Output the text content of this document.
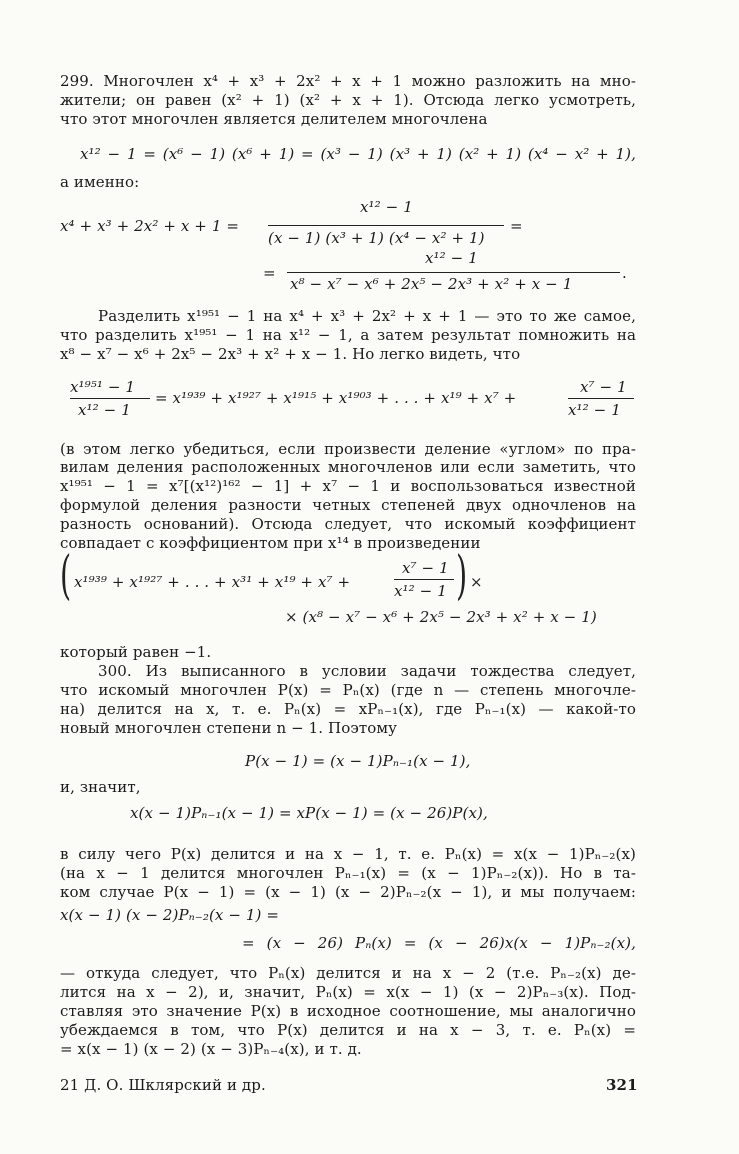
299. Многочлен x⁴ + x³ + 2x² + x + 1 можно разложить на мно-
жители; он равен (x² + 1) (x² + x + 1). Отсюда легко усмотреть,
что этот многочлен является делителем многочлена
x¹² − 1 = (x⁶ − 1) (x⁶ + 1) = (x³ − 1) (x³ + 1) (x² + 1) (x⁴ − x² + 1),
а именно:
x¹² − 1
x⁴ + x³ + 2x² + x + 1 =
(x − 1) (x³ + 1) (x⁴ − x² + 1)
=
x¹² − 1
=
x⁸ − x⁷ − x⁶ + 2x⁵ − 2x³ + x² + x − 1
.
Разделить x¹⁹⁵¹ − 1 на x⁴ + x³ + 2x² + x + 1 — это то же самое,
что разделить x¹⁹⁵¹ − 1 на x¹² − 1, а затем результат помножить на
x⁸ − x⁷ − x⁶ + 2x⁵ − 2x³ + x² + x − 1. Но легко видеть, что
x¹⁹⁵¹ − 1
x¹² − 1
= x¹⁹³⁹ + x¹⁹²⁷ + x¹⁹¹⁵ + x¹⁹⁰³ + . . . + x¹⁹ + x⁷ +
x⁷ − 1
x¹² − 1
(в этом легко убедиться, если произвести деление «углом» по пра-
вилам деления расположенных многочленов или если заметить, что
x¹⁹⁵¹ − 1 = x⁷[(x¹²)¹⁶² − 1] + x⁷ − 1 и воспользоваться известной
формулой деления разности четных степеней двух одночленов на
разность оснований). Отсюда следует, что искомый коэффициент
совпадает с коэффициентом при x¹⁴ в произведении
( x¹⁹³⁹ + x¹⁹²⁷ + . . . + x³¹ + x¹⁹ + x⁷ +
x⁷ − 1
x¹² − 1 ) ×
× (x⁸ − x⁷ − x⁶ + 2x⁵ − 2x³ + x² + x − 1)
который равен −1.
300. Из выписанного в условии задачи тождества следует,
что искомый многочлен P(x) = Pₙ(x) (где n — степень многочле-
на) делится на x, т. е. Pₙ(x) = xPₙ₋₁(x), где Pₙ₋₁(x) — какой-то
новый многочлен степени n − 1. Поэтому
P(x − 1) = (x − 1)Pₙ₋₁(x − 1),
и, значит,
x(x − 1)Pₙ₋₁(x − 1) = xP(x − 1) = (x − 26)P(x),
в силу чего P(x) делится и на x − 1, т. е. Pₙ(x) = x(x − 1)Pₙ₋₂(x)
(на x − 1 делится многочлен Pₙ₋₁(x) = (x − 1)Pₙ₋₂(x)). Но в та-
ком случае P(x − 1) = (x − 1) (x − 2)Pₙ₋₂(x − 1), и мы получаем:
x(x − 1) (x − 2)Pₙ₋₂(x − 1) =
= (x − 26) Pₙ(x) = (x − 26)x(x − 1)Pₙ₋₂(x),
— откуда следует, что Pₙ(x) делится и на x − 2 (т.е. Pₙ₋₂(x) де-
лится на x − 2), и, значит, Pₙ(x) = x(x − 1) (x − 2)Pₙ₋₃(x). Под-
ставляя это значение P(x) в исходное соотношение, мы аналогично
убеждаемся в том, что P(x) делится и на x − 3, т. е. Pₙ(x) =
= x(x − 1) (x − 2) (x − 3)Pₙ₋₄(x), и т. д.
21 Д. О. Шклярский и др.	321
